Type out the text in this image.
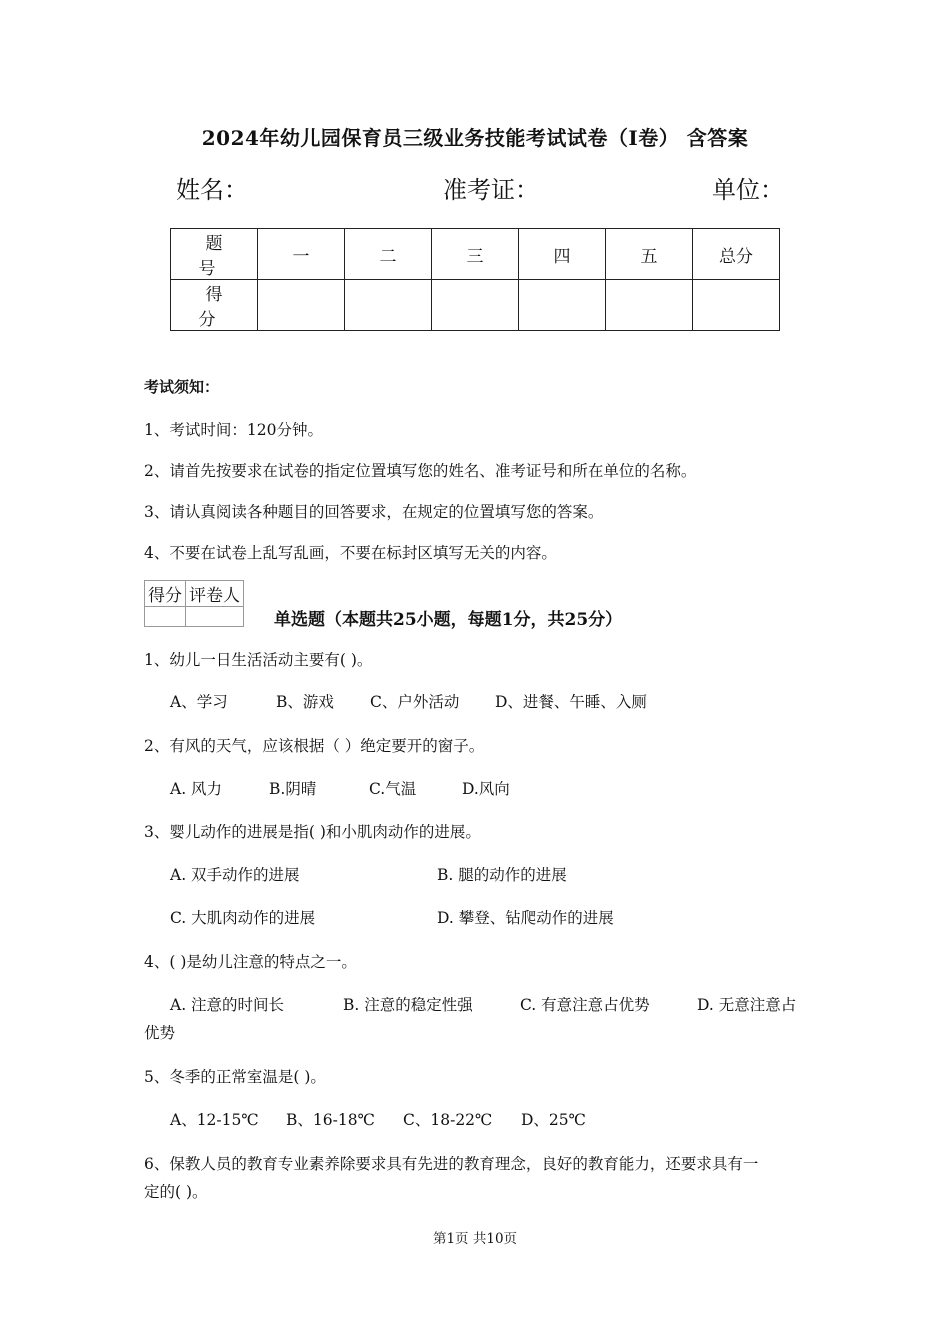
2024年幼儿园保育员三级业务技能考试试卷（I卷） 含答案
姓名：	准考证：	单位：
题 号	一	二	三	四	五	总分
得 分						
考试须知：
1、考试时间：120分钟。
2、请首先按要求在试卷的指定位置填写您的姓名、准考证号和所在单位的名称。
3、请认真阅读各种题目的回答要求，在规定的位置填写您的答案。
4、不要在试卷上乱写乱画，不要在标封区填写无关的内容。
得分	评卷人

单选题（本题共25小题，每题1分，共25分）
1、幼儿一日生活活动主要有( )。
A、学习	B、游戏 C、户外活动 D、进餐、午睡、入厕
2、有风的天气，应该根据（ ）绝定要开的窗子。
A. 风力	B.阴晴	C.气温	D.风向
3、婴儿动作的进展是指( )和小肌肉动作的进展。
A. 双手动作的进展	B. 腿的动作的进展
C. 大肌肉动作的进展	D. 攀登、钻爬动作的进展
4、( )是幼儿注意的特点之一。
A. 注意的时间长	B. 注意的稳定性强	C. 有意注意占优势	D. 无意注意占
优势
5、冬季的正常室温是( )。
A、12-15℃ B、16-18℃ C、18-22℃ D、25℃
6、保教人员的教育专业素养除要求具有先进的教育理念，良好的教育能力，还要求具有一
定的( )。
第1页 共10页
